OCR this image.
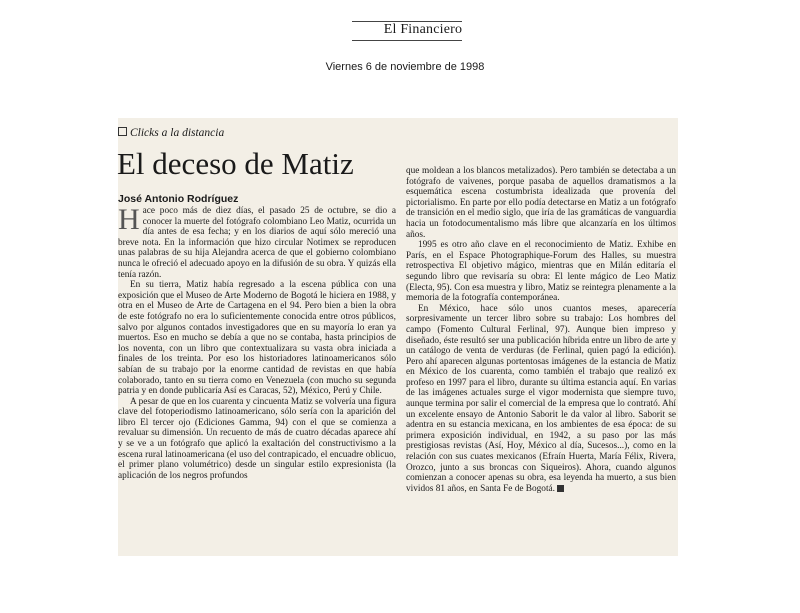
El Financiero
Viernes 6 de noviembre de 1998
Clicks a la distancia
El deceso de Matiz
José Antonio Rodríguez

Hace poco más de diez días, el pasado 25 de octubre, se dio a conocer la muerte del fotógrafo colombiano Leo Matiz, ocurrida un día antes de esa fecha; y en los diarios de aquí sólo mereció una breve nota. En la información que hizo circular Notimex se reproducen unas palabras de su hija Alejandra acerca de que el gobierno colombiano nunca le ofreció el adecuado apoyo en la difusión de su obra. Y quizás ella tenía razón.

En su tierra, Matiz había regresado a la escena pública con una exposición que el Museo de Arte Moderno de Bogotá le hiciera en 1988, y otra en el Museo de Arte de Cartagena en el 94. Pero bien a bien la obra de este fotógrafo no era lo suficientemente conocida entre otros públicos, salvo por algunos contados investigadores que en su mayoría lo eran ya muertos. Eso en mucho se debía a que no se contaba, hasta principios de los noventa, con un libro que contextualizara su vasta obra iniciada a finales de los treinta. Por eso los historiadores latinoamericanos sólo sabían de su trabajo por la enorme cantidad de revistas en que había colaborado, tanto en su tierra como en Venezuela (con mucho su segunda patria y en donde publicaría Así es Caracas, 52), México, Perú y Chile.

A pesar de que en los cuarenta y cincuenta Matiz se volvería una figura clave del fotoperiodismo latinoamericano, sólo sería con la aparición del libro El tercer ojo (Ediciones Gamma, 94) con el que se comienza a revaluar su dimensión. Un recuento de más de cuatro décadas aparece ahí y se ve a un fotógrafo que aplicó la exaltación del constructivismo a la escena rural latinoamericana (el uso del contrapicado, el encuadre oblicuo, el primer plano volumétrico) desde un singular estilo expresionista (la aplicación de los negros profundos

que moldean a los blancos metalizados). Pero también se detectaba a un fotógrafo de vaivenes, porque pasaba de aquellos dramatismos a la esquemática escena costumbrista idealizada que provenía del pictorialismo. En parte por ello podía detectarse en Matiz a un fotógrafo de transición en el medio siglo, que iría de las gramáticas de vanguardia hacia un fotodocumentalismo más libre que alcanzaría en los últimos años.

1995 es otro año clave en el reconocimiento de Matiz. Exhibe en París, en el Espace Photographique-Forum des Halles, su muestra retrospectiva El objetivo mágico, mientras que en Milán editaría el segundo libro que revisaría su obra: El lente mágico de Leo Matiz (Electa, 95). Con esa muestra y libro, Matiz se reintegra plenamente a la memoria de la fotografía contemporánea.

En México, hace sólo unos cuantos meses, aparecería sorpresivamente un tercer libro sobre su trabajo: Los hombres del campo (Fomento Cultural Ferlinal, 97). Aunque bien impreso y diseñado, éste resultó ser una publicación híbrida entre un libro de arte y un catálogo de venta de verduras (de Ferlinal, quien pagó la edición). Pero ahí aparecen algunas portentosas imágenes de la estancia de Matiz en México de los cuarenta, como también el trabajo que realizó ex profeso en 1997 para el libro, durante su última estancia aquí. En varias de las imágenes actuales surge el vigor modernista que siempre tuvo, aunque termina por salir el comercial de la empresa que lo contrató. Ahí un excelente ensayo de Antonio Saborit le da valor al libro. Saborit se adentra en su estancia mexicana, en los ambientes de esa época: de su primera exposición individual, en 1942, a su paso por las más prestigiosas revistas (Así, Hoy, México al día, Sucesos...), como en la relación con sus cuates mexicanos (Efraín Huerta, María Félix, Rivera, Orozco, junto a sus broncas con Siqueiros). Ahora, cuando algunos comienzan a conocer apenas su obra, esa leyenda ha muerto, a sus bien vividos 81 años, en Santa Fe de Bogotá.
